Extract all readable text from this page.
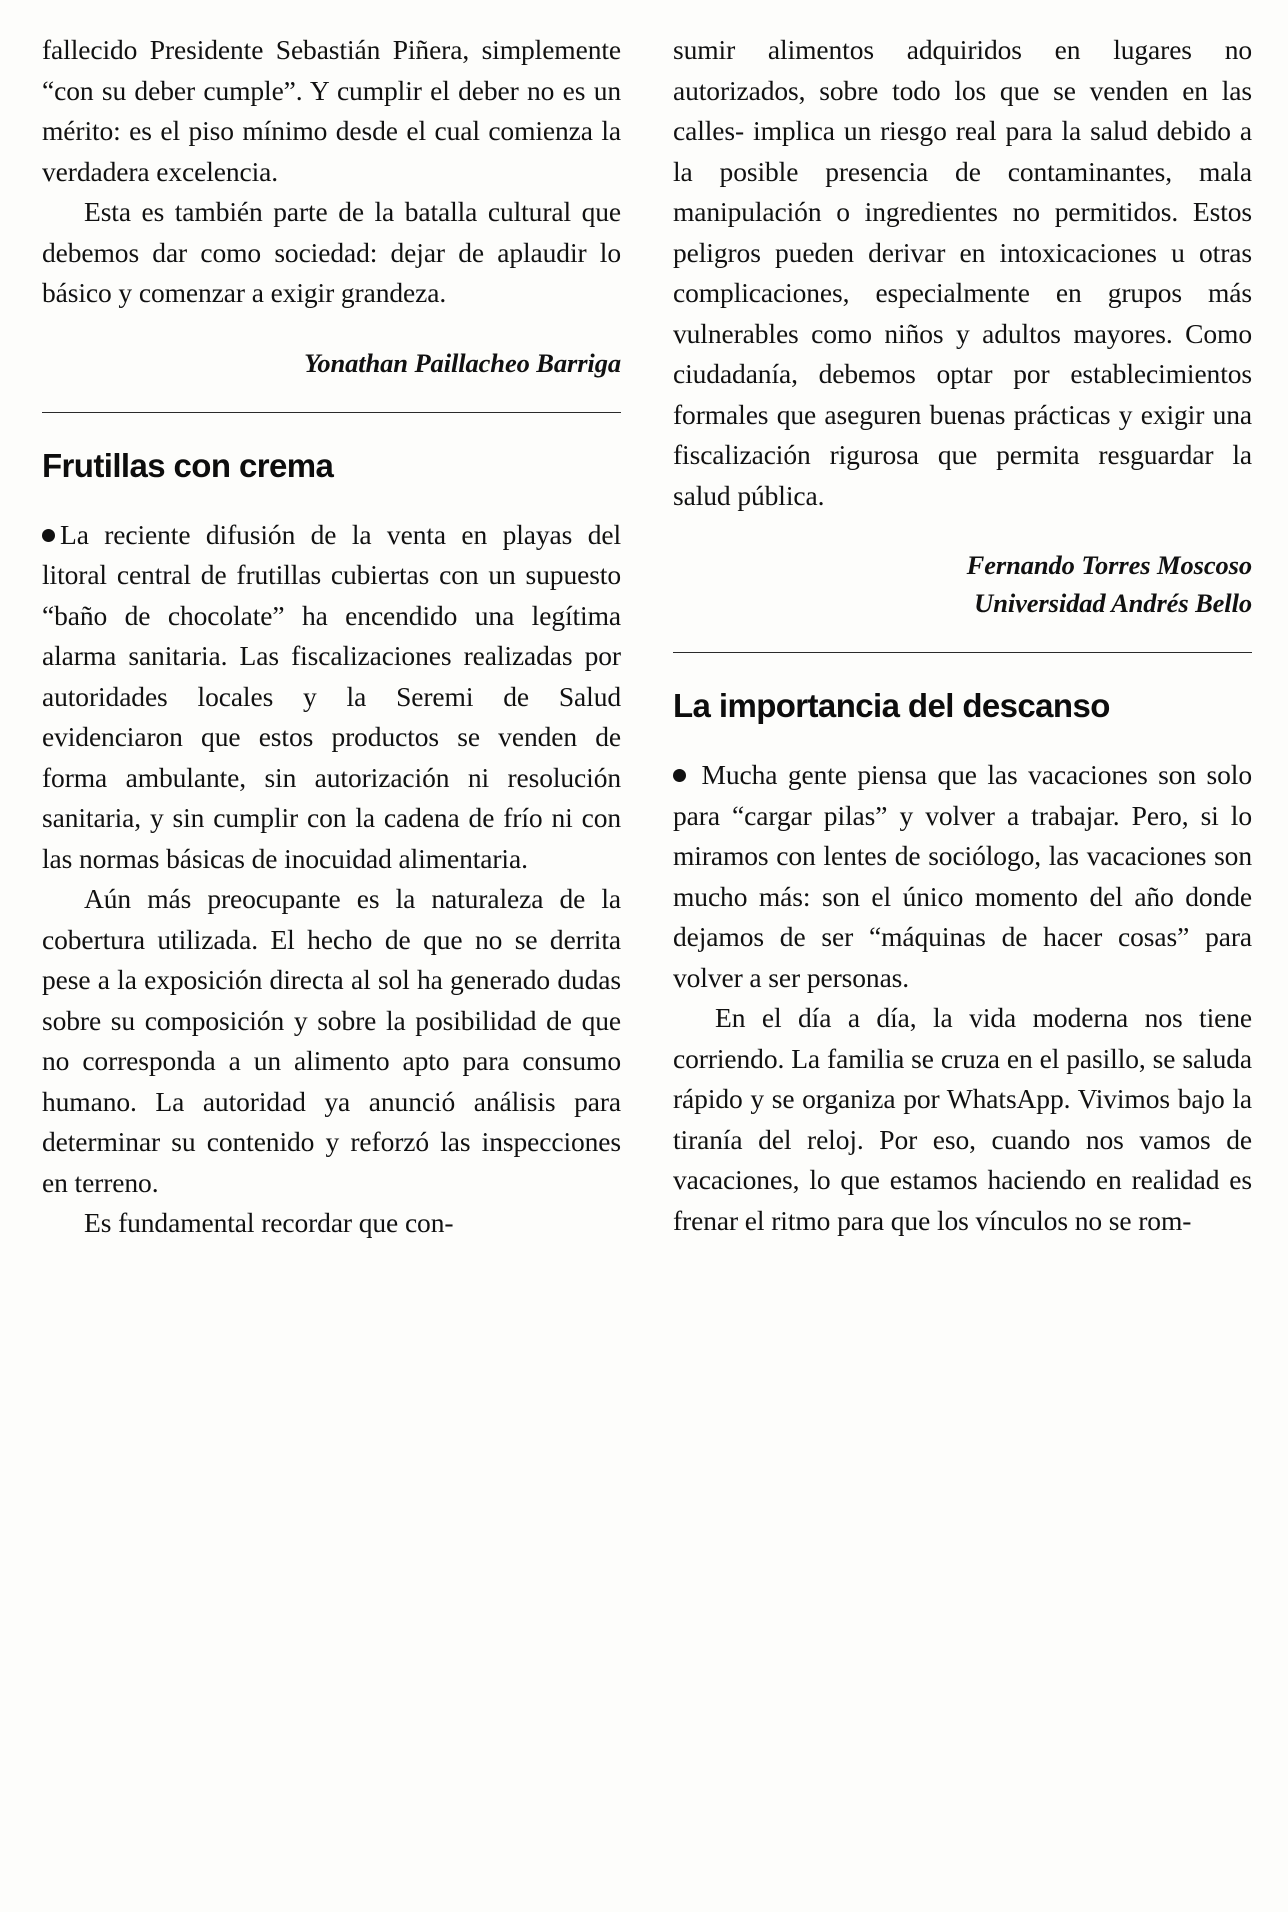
fallecido Presidente Sebastián Piñera, simplemente “con su deber cumple”. Y cumplir el deber no es un mérito: es el piso mínimo desde el cual comienza la verdadera excelencia.

Esta es también parte de la batalla cultural que debemos dar como sociedad: dejar de aplaudir lo básico y comenzar a exigir grandeza.

Yonathan Paillacheo Barriga

Frutillas con crema

La reciente difusión de la venta en playas del litoral central de frutillas cubiertas con un supuesto “baño de chocolate” ha encendido una legítima alarma sanitaria. Las fiscalizaciones realizadas por autoridades locales y la Seremi de Salud evidenciaron que estos productos se venden de forma ambulante, sin autorización ni resolución sanitaria, y sin cumplir con la cadena de frío ni con las normas básicas de inocuidad alimentaria.

Aún más preocupante es la naturaleza de la cobertura utilizada. El hecho de que no se derrita pese a la exposición directa al sol ha generado dudas sobre su composición y sobre la posibilidad de que no corresponda a un alimento apto para consumo humano. La autoridad ya anunció análisis para determinar su contenido y reforzó las inspecciones en terreno.

Es fundamental recordar que con-

sumir alimentos adquiridos en lugares no autorizados, sobre todo los que se venden en las calles- implica un riesgo real para la salud debido a la posible presencia de contaminantes, mala manipulación o ingredientes no permitidos. Estos peligros pueden derivar en intoxicaciones u otras complicaciones, especialmente en grupos más vulnerables como niños y adultos mayores. Como ciudadanía, debemos optar por establecimientos formales que aseguren buenas prácticas y exigir una fiscalización rigurosa que permita resguardar la salud pública.

Fernando Torres Moscoso

Universidad Andrés Bello

La importancia del descanso

Mucha gente piensa que las vacaciones son solo para “cargar pilas” y volver a trabajar. Pero, si lo miramos con lentes de sociólogo, las vacaciones son mucho más: son el único momento del año donde dejamos de ser “máquinas de hacer cosas” para volver a ser personas.

En el día a día, la vida moderna nos tiene corriendo. La familia se cruza en el pasillo, se saluda rápido y se organiza por WhatsApp. Vivimos bajo la tiranía del reloj. Por eso, cuando nos vamos de vacaciones, lo que estamos haciendo en realidad es frenar el ritmo para que los vínculos no se rom-
